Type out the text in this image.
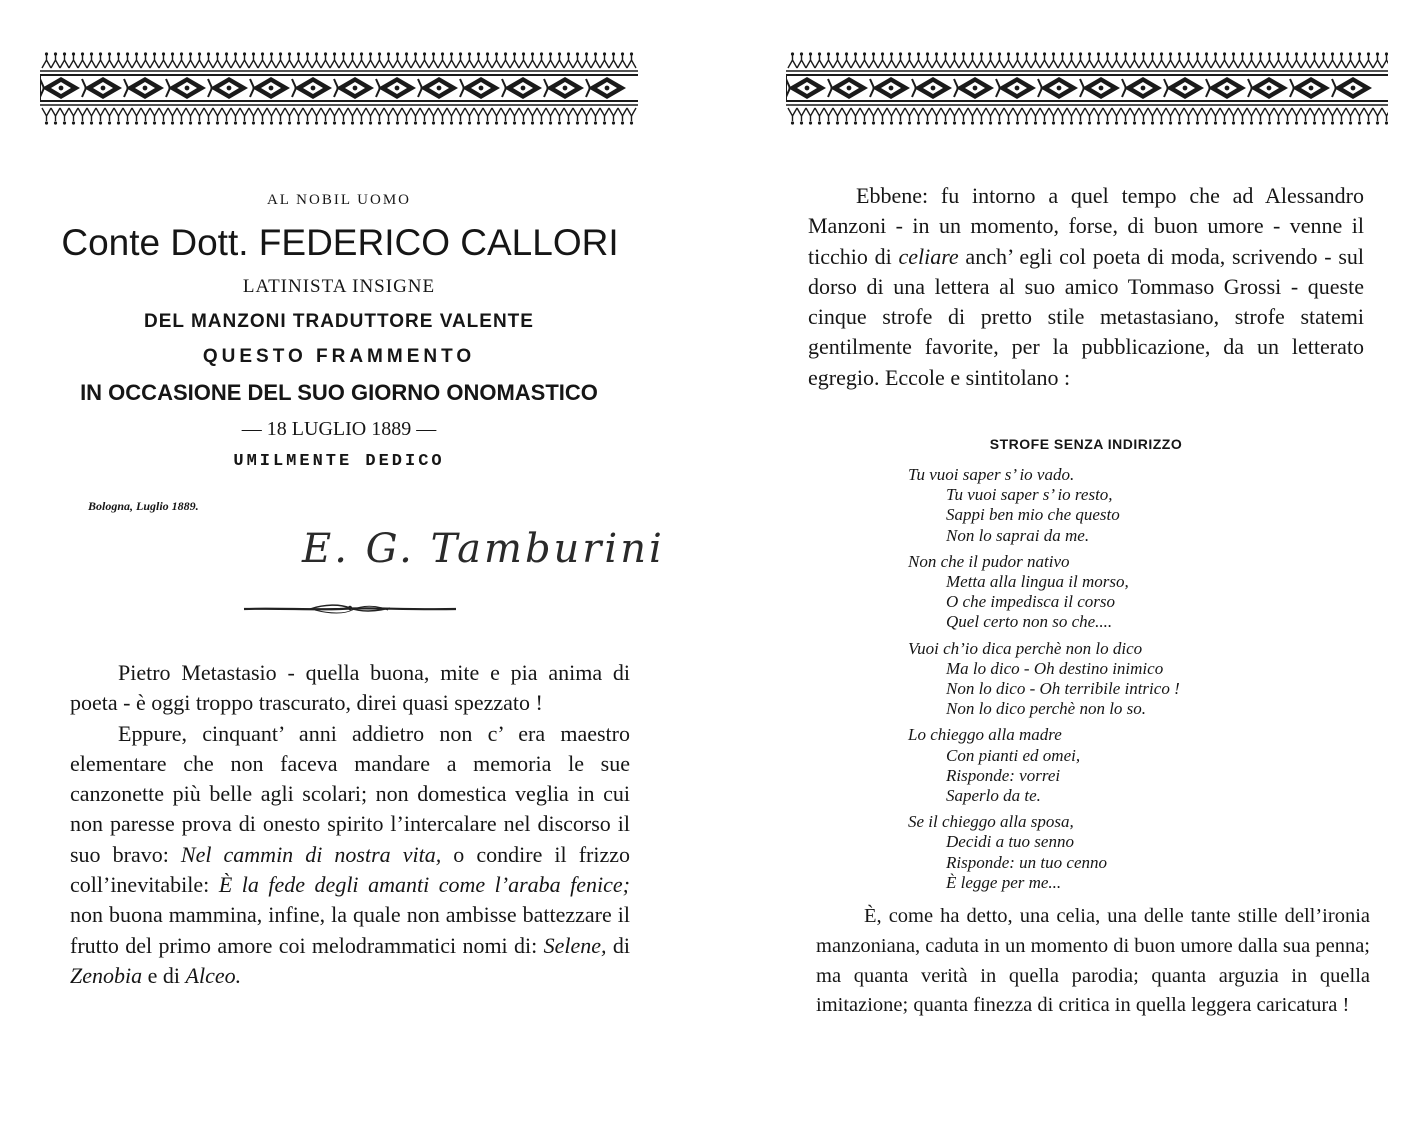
AL NOBIL UOMO
Conte Dott. FEDERICO CALLORI
LATINISTA INSIGNE
DEL MANZONI TRADUTTORE VALENTE
QUESTO FRAMMENTO
IN OCCASIONE DEL SUO GIORNO ONOMASTICO
— 18 LUGLIO 1889 —
UMILMENTE DEDICO
Bologna, Luglio 1889.
E. G. Tamburini

Pietro Metastasio - quella buona, mite e pia anima di poeta - è oggi troppo trascurato, direi quasi spezzato !

Eppure, cinquant’ anni addietro non c’ era maestro elementare che non faceva mandare a memoria le sue canzonette più belle agli scolari; non domestica veglia in cui non paresse prova di onesto spirito l’intercalare nel discorso il suo bravo: Nel cammin di nostra vita, o condire il frizzo coll’inevitabile: È la fede degli amanti come l’araba fenice; non buona mammina, infine, la quale non ambisse battezzare il frutto del primo amore coi melodrammatici nomi di: Selene, di Zenobia e di Alceo.

Ebbene: fu intorno a quel tempo che ad Alessandro Manzoni - in un momento, forse, di buon umore - venne il ticchio di celiare anch’ egli col poeta di moda, scrivendo - sul dorso di una lettera al suo amico Tommaso Grossi - queste cinque strofe di pretto stile metastasiano, strofe statemi gentilmente favorite, per la pubblicazione, da un letterato egregio. Eccole e sintitolano :

STROFE SENZA INDIRIZZO
Tu vuoi saper s’ io vado.
Tu vuoi saper s’ io resto,
Sappi ben mio che questo
Non lo saprai da me.
Non che il pudor nativo
Metta alla lingua il morso,
O che impedisca il corso
Quel certo non so che....
Vuoi ch’io dica perchè non lo dico
Ma lo dico - Oh destino inimico
Non lo dico - Oh terribile intrico !
Non lo dico perchè non lo so.
Lo chieggo alla madre
Con pianti ed omei,
Risponde: vorrei
Saperlo da te.
Se il chieggo alla sposa,
Decidi a tuo senno
Risponde: un tuo cenno
È legge per me...

È, come ha detto, una celia, una delle tante stille dell’ironia manzoniana, caduta in un momento di buon umore dalla sua penna; ma quanta verità in quella parodia; quanta arguzia in quella imitazione; quanta finezza di critica in quella leggera caricatura !
